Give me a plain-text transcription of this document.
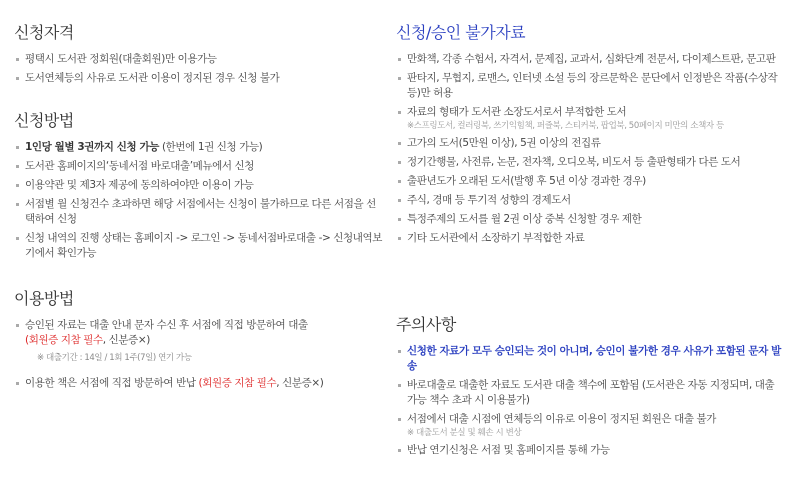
신청자격
평택시 도서관 정회원(대출회원)만 이용가능
도서연체등의 사유로 도서관 이용이 정지된 경우 신청 불가
신청방법
1인당 월별 3권까지 신청 가능 (한번에 1권 신청 가능)
도서관 홈페이지의‘동네서점 바로대출’메뉴에서 신청
이용약관 및 제3자 제공에 동의하여야만 이용이 가능
서점별 월 신청건수 초과하면 해당 서점에서는 신청이 불가하므로 다른 서점을 선택하여 신청
신청 내역의 진행 상태는 홈페이지 -> 로그인 -> 동네서점바로대출 -> 신청내역보기에서 확인가능
이용방법
승인된 자료는 대출 안내 문자 수신 후 서점에 직접 방문하여 대출
(회원증 지참 필수, 신분증×)
※ 대출기간 : 14일 / 1회 1주(7일) 연기 가능
이용한 책은 서점에 직접 방문하여 반납 (회원증 지참 필수, 신분증×)
신청/승인 불가자료
만화책, 각종 수험서, 자격서, 문제집, 교과서, 심화단계 전문서, 다이제스트판, 문고판
판타지, 무협지, 로맨스, 인터넷 소설 등의 장르문학은 문단에서 인정받은 작품(수상작등)만 허용
자료의 형태가 도서관 소장도서로서 부적합한 도서
※스프링도서, 컬러링북, 쓰기익힘책, 퍼즐북, 스티커북, 팝업북, 50페이지 미만의 소책자 등
고가의 도서(5만원 이상), 5권 이상의 전집류
정기간행물, 사전류, 논문, 전자책, 오디오북, 비도서 등 출판형태가 다른 도서
출판년도가 오래된 도서(발행 후 5년 이상 경과한 경우)
주식, 경매 등 투기적 성향의 경제도서
특정주제의 도서를 월 2권 이상 중복 신청할 경우 제한
기타 도서관에서 소장하기 부적합한 자료
주의사항
신청한 자료가 모두 승인되는 것이 아니며, 승인이 불가한 경우 사유가 포함된 문자 발송
바로대출로 대출한 자료도 도서관 대출 책수에 포함됨 (도서관은 자동 지정되며, 대출가능 책수 초과 시 이용불가)
서점에서 대출 시점에 연체등의 이유로 이용이 정지된 회원은 대출 불가
※ 대출도서 분실 및 훼손 시 변상
반납 연기신청은 서점 및 홈페이지를 통해 가능
